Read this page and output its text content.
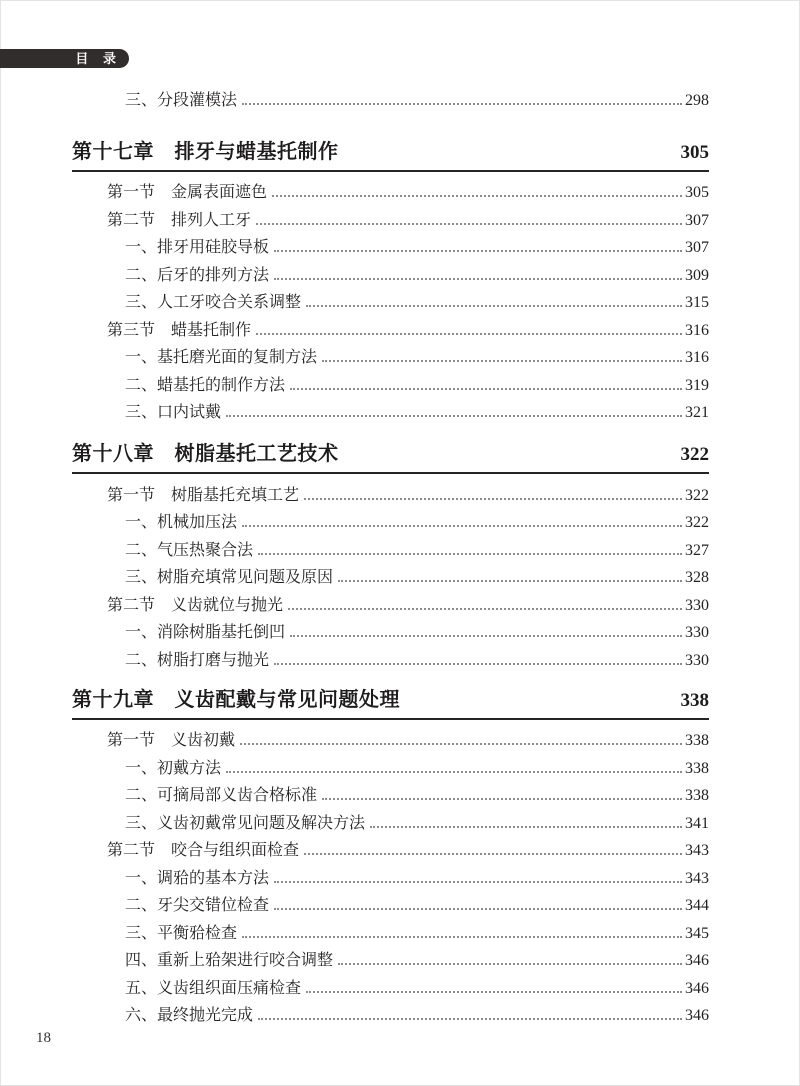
目 录
三、分段灌模法	298
第十七章　排牙与蜡基托制作	305
第一节　金属表面遮色	305
第二节　排列人工牙	307
一、排牙用硅胶导板	307
二、后牙的排列方法	309
三、人工牙咬合关系调整	315
第三节　蜡基托制作	316
一、基托磨光面的复制方法	316
二、蜡基托的制作方法	319
三、口内试戴	321
第十八章　树脂基托工艺技术	322
第一节　树脂基托充填工艺	322
一、机械加压法	322
二、气压热聚合法	327
三、树脂充填常见问题及原因	328
第二节　义齿就位与抛光	330
一、消除树脂基托倒凹	330
二、树脂打磨与抛光	330
第十九章　义齿配戴与常见问题处理	338
第一节　义齿初戴	338
一、初戴方法	338
二、可摘局部义齿合格标准	338
三、义齿初戴常见问题及解决方法	341
第二节　咬合与组织面检查	343
一、调𬌗的基本方法	343
二、牙尖交错位检查	344
三、平衡𬌗检查	345
四、重新上𬌗架进行咬合调整	346
五、义齿组织面压痛检查	346
六、最终抛光完成	346
18
